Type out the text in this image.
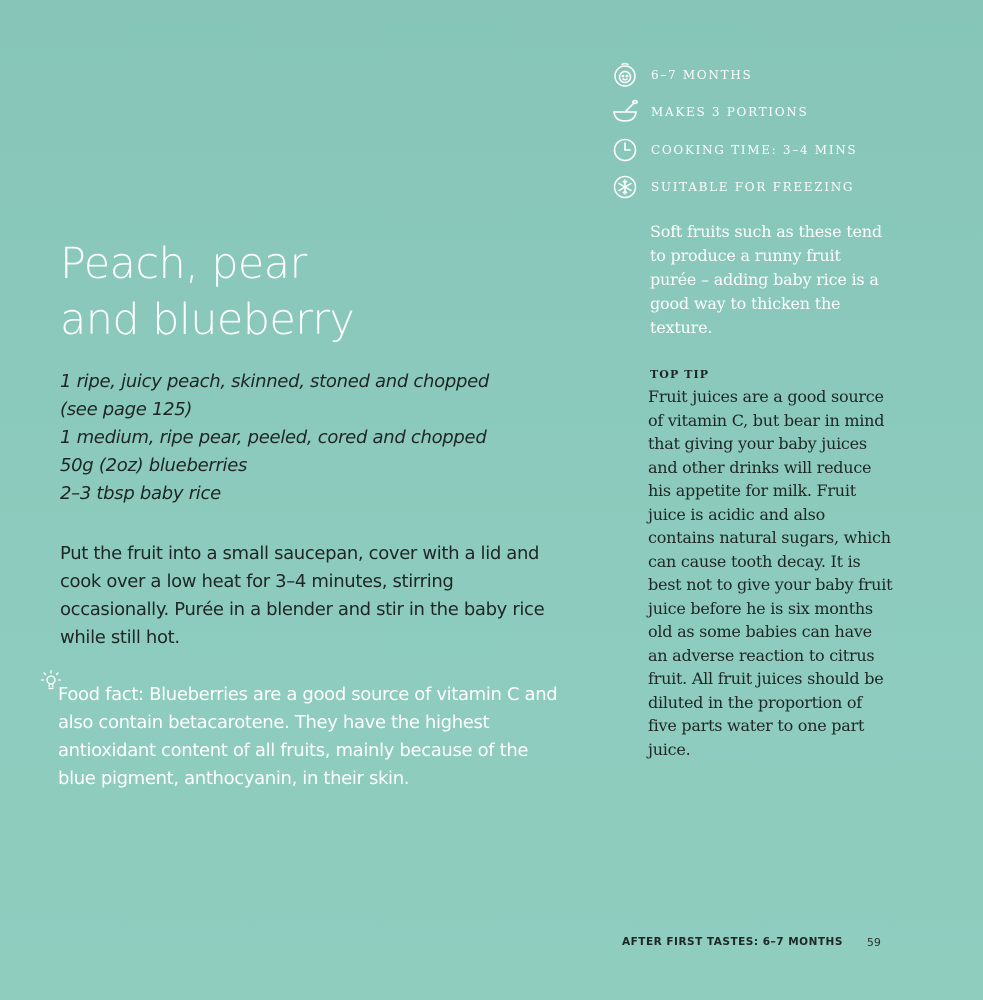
Peach, pear
and blueberry
1 ripe, juicy peach, skinned, stoned and chopped
(see page 125)
1 medium, ripe pear, peeled, cored and chopped
50g (2oz) blueberries
2–3 tbsp baby rice

Put the fruit into a small saucepan, cover with a lid and cook over a low heat for 3–4 minutes, stirring occasionally. Purée in a blender and stir in the baby rice while still hot.

Food fact: Blueberries are a good source of vitamin C and also contain betacarotene. They have the highest antioxidant content of all fruits, mainly because of the blue pigment, anthocyanin, in their skin.

6–7 MONTHS
MAKES 3 PORTIONS
COOKING TIME: 3–4 MINS
SUITABLE FOR FREEZING

Soft fruits such as these tend to produce a runny fruit purée – adding baby rice is a good way to thicken the texture.

TOP TIP

Fruit juices are a good source of vitamin C, but bear in mind that giving your baby juices and other drinks will reduce his appetite for milk. Fruit juice is acidic and also contains natural sugars, which can cause tooth decay. It is best not to give your baby fruit juice before he is six months old as some babies can have an adverse reaction to citrus fruit. All fruit juices should be diluted in the proportion of five parts water to one part juice.

AFTER FIRST TASTES: 6–7 MONTHS 59
